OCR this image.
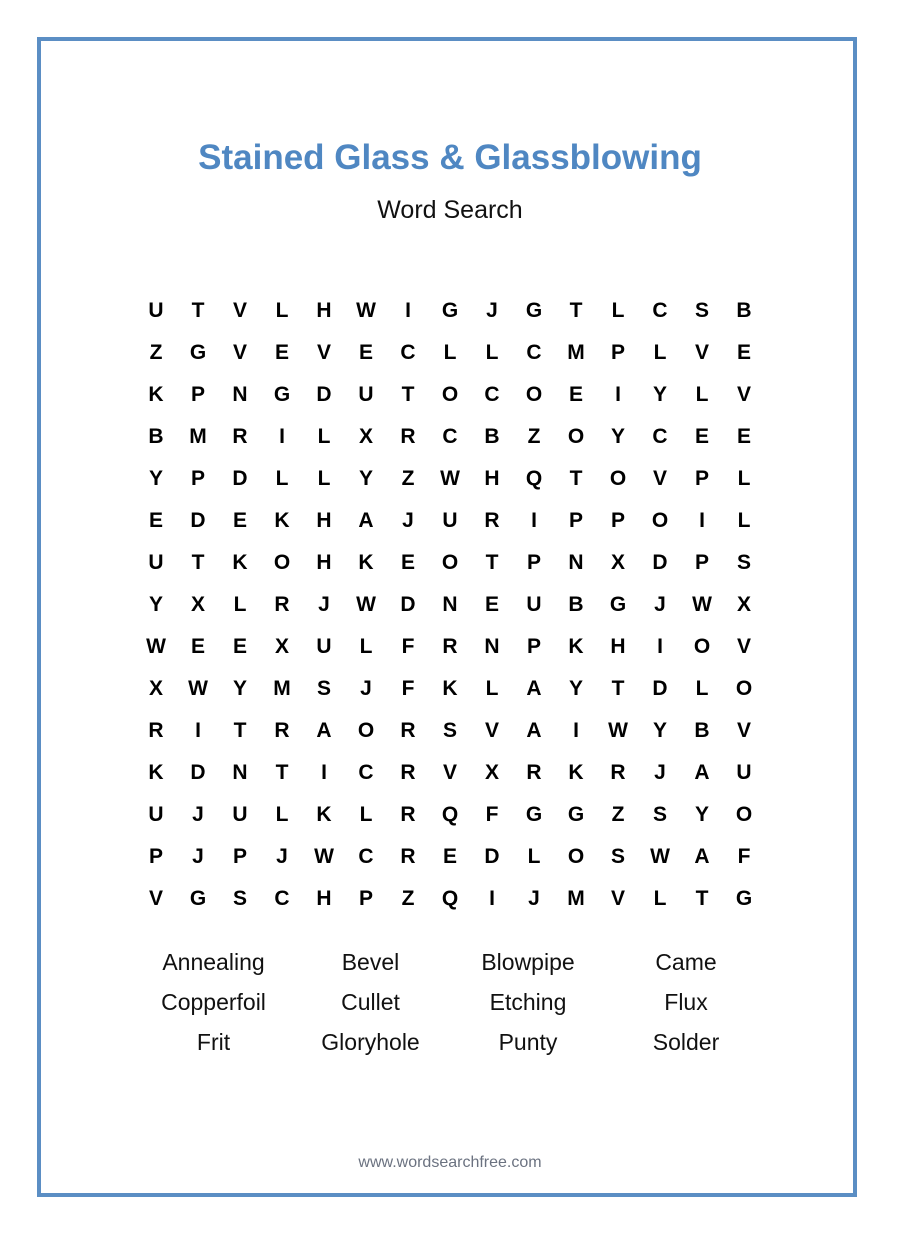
Stained Glass & Glassblowing
Word Search
U	T	V	L	H	W	I	G	J	G	T	L	C	S	B
Z	G	V	E	V	E	C	L	L	C	M	P	L	V	E
K	P	N	G	D	U	T	O	C	O	E	I	Y	L	V
B	M	R	I	L	X	R	C	B	Z	O	Y	C	E	E
Y	P	D	L	L	Y	Z	W	H	Q	T	O	V	P	L
E	D	E	K	H	A	J	U	R	I	P	P	O	I	L
U	T	K	O	H	K	E	O	T	P	N	X	D	P	S
Y	X	L	R	J	W	D	N	E	U	B	G	J	W	X
W	E	E	X	U	L	F	R	N	P	K	H	I	O	V
X	W	Y	M	S	J	F	K	L	A	Y	T	D	L	O
R	I	T	R	A	O	R	S	V	A	I	W	Y	B	V
K	D	N	T	I	C	R	V	X	R	K	R	J	A	U
U	J	U	L	K	L	R	Q	F	G	G	Z	S	Y	O
P	J	P	J	W	C	R	E	D	L	O	S	W	A	F
V	G	S	C	H	P	Z	Q	I	J	M	V	L	T	G
Annealing	Bevel	Blowpipe	Came
Copperfoil	Cullet	Etching	Flux
Frit	Gloryhole	Punty	Solder
www.wordsearchfree.com
